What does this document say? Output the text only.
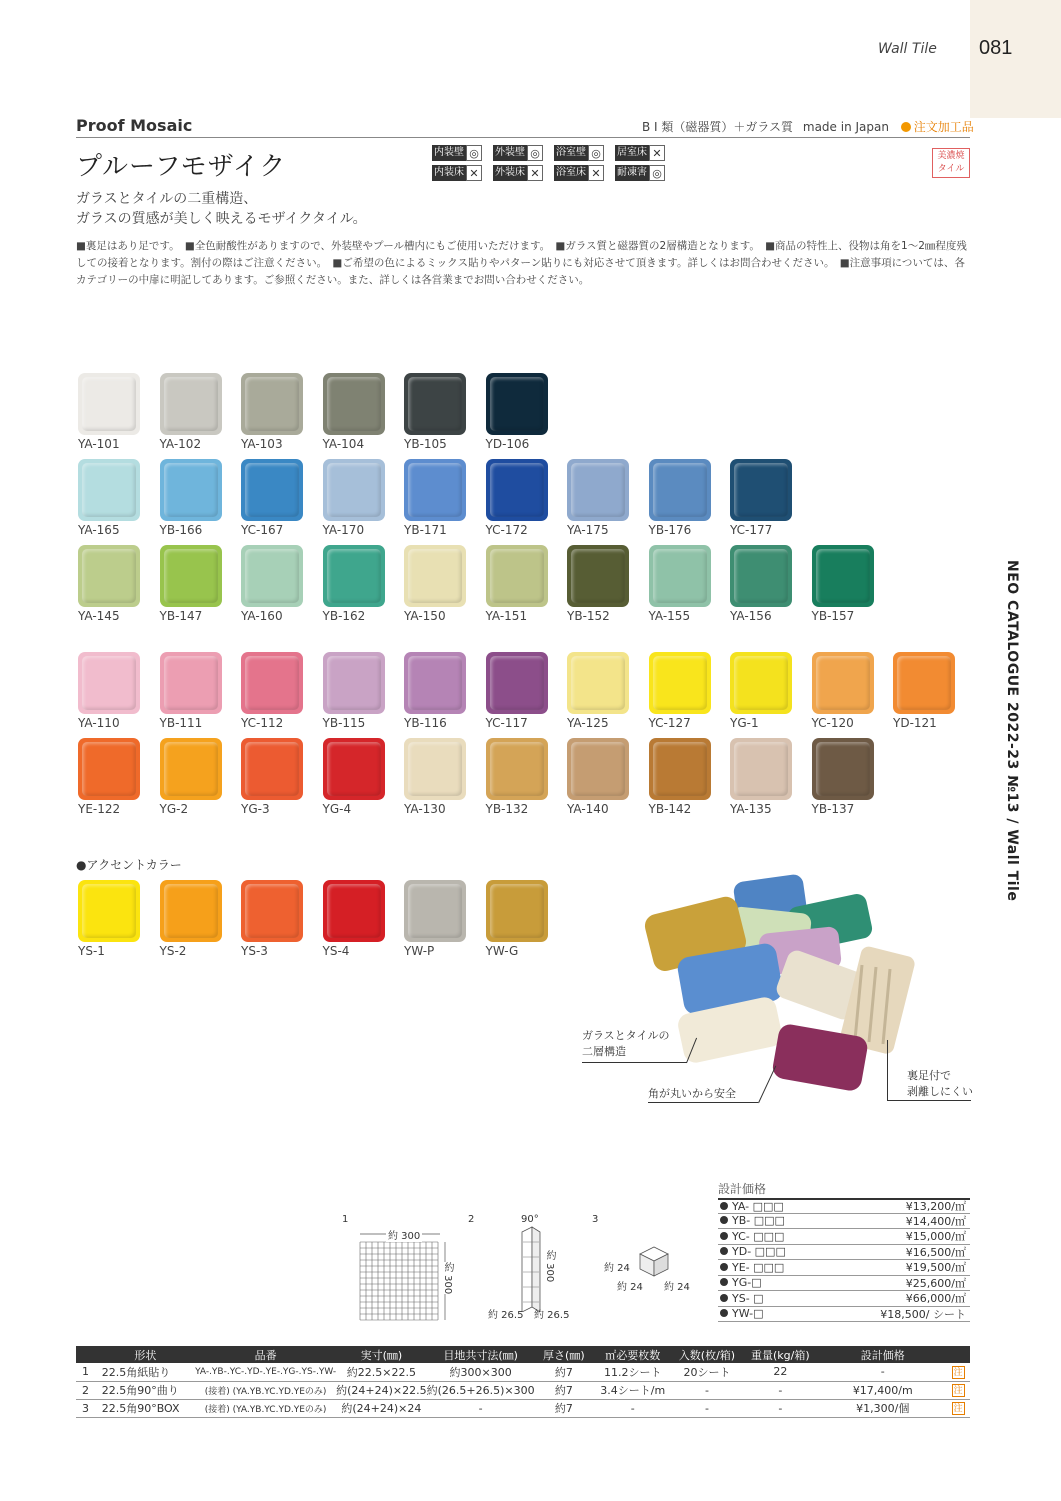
Wall Tile 081
NEO CATALOGUE 2022-23 №13 / Wall Tile
Proof Mosaic	B I 類（磁器質）＋ガラス質 made in Japan 注文加工品
プルーフモザイク
ガラスとタイルの二重構造、
ガラスの質感が美しく映えるモザイクタイル。
内装壁 ◎	外装壁 ◎	浴室壁 ◎	居室床 ✕
内装床 ✕	外装床 ✕	浴室床 ✕	耐凍害 ◎
美濃焼タイル
■裏足はあり足です。　■全色耐酸性がありますので、外装壁やプール槽内にもご使用いただけます。　■ガラス質と磁器質の2層構造となります。　■商品の特性上、役物は角を1～2㎜程度残しての接着となります。割付の際はご注意ください。　■ご希望の色によるミックス貼りやパターン貼りにも対応させて頂きます。詳しくはお問合わせください。　■注意事項については、各カテゴリーの中扉に明記してあります。ご参照ください。また、詳しくは各営業までお問い合わせください。
YA-101	YA-102	YA-103	YA-104	YB-105	YD-106
YA-165	YB-166	YC-167	YA-170	YB-171	YC-172	YA-175	YB-176	YC-177
YA-145	YB-147	YA-160	YB-162	YA-150	YA-151	YB-152	YA-155	YA-156	YB-157
YA-110	YB-111	YC-112	YB-115	YB-116	YC-117	YA-125	YC-127	YG-1	YC-120	YD-121
YE-122	YG-2	YG-3	YG-4	YA-130	YB-132	YA-140	YB-142	YA-135	YB-137
YS-1	YS-2	YS-3	YS-4	YW-P	YW-G
●アクセントカラー
ガラスとタイルの
二層構造
角が丸いから安全
裏足付で
剥離しにくい
1	2	3
約 300
約 300
90°
約 300
約 26.5 約 26.5
約 24
約 24 約 24
設計価格
YA- □□□	¥13,200/㎡
YB- □□□	¥14,400/㎡
YC- □□□	¥15,000/㎡
YD- □□□	¥16,500/㎡
YE- □□□	¥19,500/㎡
YG-□	¥25,600/㎡
YS- □	¥66,000/㎡
YW-□	¥18,500/ シート
	形状	品番	実寸(㎜)	目地共寸法(㎜)	厚さ(㎜)	㎡必要枚数	入数(枚/箱)	重量(kg/箱)	設計価格	
1	22.5角紙貼り	YA-.YB-.YC-.YD-.YE-.YG-.YS-.YW-	約22.5×22.5	約300×300	約7	11.2シート	20シート	22	-	注
2	22.5角90°曲り	(接着) (YA.YB.YC.YD.YEのみ)	約(24+24)×22.5	約(26.5+26.5)×300	約7	3.4シート/m	-	-	¥17,400/m	注
3	22.5角90°BOX	(接着) (YA.YB.YC.YD.YEのみ)	約(24+24)×24	-	約7	-	-	-	¥1,300/個	注
